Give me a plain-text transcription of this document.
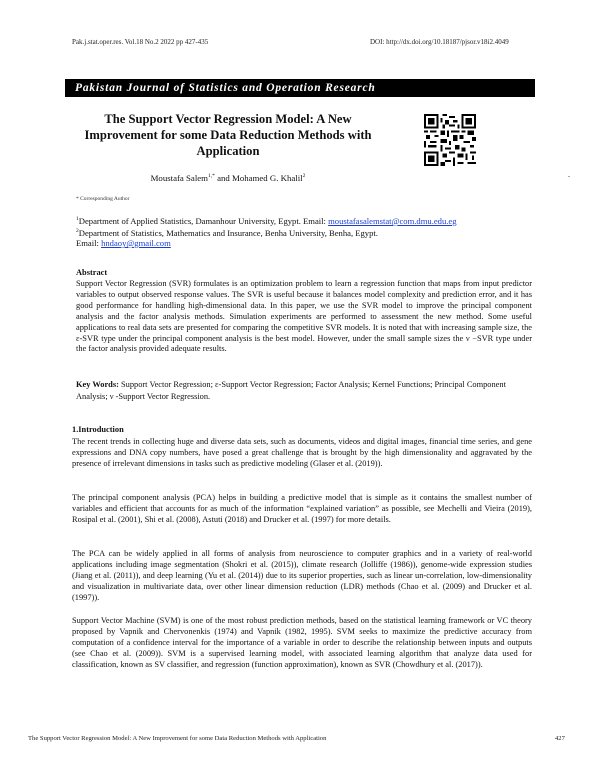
Pak.j.stat.oper.res. Vol.18 No.2 2022 pp 427-435	DOI: http://dx.doi.org/10.18187/pjsor.v18i2.4049
Pakistan Journal of Statistics and Operation Research
The Support Vector Regression Model: A New Improvement for some Data Reduction Methods with Application
Moustafa Salem$^{1,*}$ and Mohamed G. Khalil$^2$	.
* Corresponding Author
$^1$Department of Applied Statistics, Damanhour University, Egypt. Email: moustafasalemstat@com.dmu.edu.eg
$^2$Department of Statistics, Mathematics and Insurance, Benha University, Benha, Egypt.
Email: hndaoy@gmail.com
Abstract
Support Vector Regression (SVR) formulates is an optimization problem to learn a regression function that maps from input predictor variables to output observed response values. The SVR is useful because it balances model complexity and prediction error, and it has good performance for handling high-dimensional data. In this paper, we use the SVR model to improve the principal component analysis and the factor analysis methods. Simulation experiments are performed to assessment the new method. Some useful applications to real data sets are presented for comparing the competitive SVR models. It is noted that with increasing sample size, the ε-SVR type under the principal component analysis is the best model. However, under the small sample sizes the ν −SVR type under the factor analysis provided adequate results.
Key Words: Support Vector Regression; ε-Support Vector Regression; Factor Analysis; Kernel Functions; Principal Component Analysis; ν -Support Vector Regression.
1.Introduction
The recent trends in collecting huge and diverse data sets, such as documents, videos and digital images, financial time series, and gene expressions and DNA copy numbers, have posed a great challenge that is brought by the high dimensionality and aggravated by the presence of irrelevant dimensions in tasks such as predictive modeling (Glaser et al. (2019)).
The principal component analysis (PCA) helps in building a predictive model that is simple as it contains the smallest number of variables and efficient that accounts for as much of the information “explained variation” as possible, see Mechelli and Vieira (2019), Rosipal et al. (2001), Shi et al. (2008), Astuti (2018) and Drucker et al. (1997) for more details.
The PCA can be widely applied in all forms of analysis from neuroscience to computer graphics and in a variety of real-world applications including image segmentation (Shokri et al. (2015)), climate research (Jolliffe (1986)), genome-wide expression studies (Jiang et al. (2011)), and deep learning (Yu et al. (2014)) due to its superior properties, such as linear un-correlation, low-dimensionality and visualization in multivariate data, over other linear dimension reduction (LDR) methods (Chao et al. (2009) and Drucker et al. (1997)).
Support Vector Machine (SVM) is one of the most robust prediction methods, based on the statistical learning framework or VC theory proposed by Vapnik and Chervonenkis (1974) and Vapnik (1982, 1995). SVM seeks to maximize the predictive accuracy from computation of a confidence interval for the importance of a variable in order to describe the relationship between inputs and outputs (see Chao et al. (2009)). SVM is a supervised learning model, with associated learning algorithm that analyze data used for classification, known as SV classifier, and regression (function approximation), known as SVR (Chowdhury et al. (2017)).
The Support Vector Regression Model: A New Improvement for some Data Reduction Methods with Application	427
